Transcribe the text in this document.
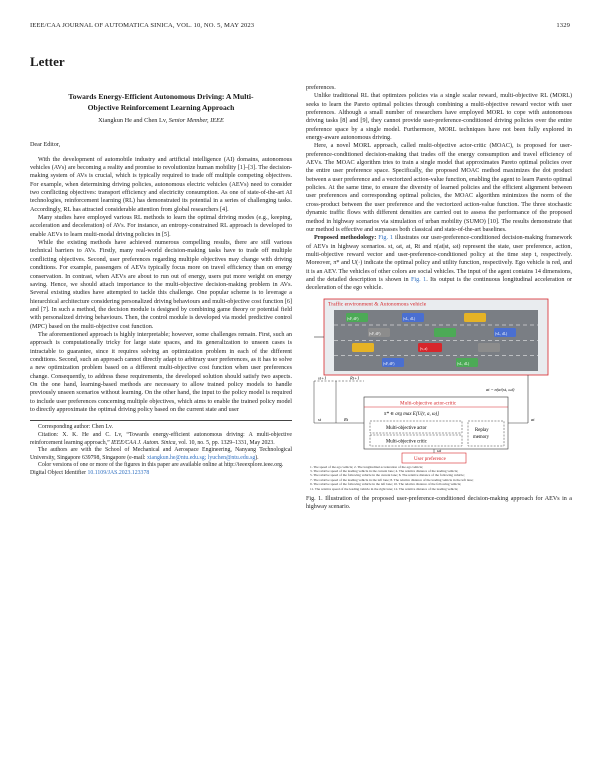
IEEE/CAA JOURNAL OF AUTOMATICA SINICA, VOL. 10, NO. 5, MAY 2023	1329
Letter
Towards Energy-Efficient Autonomous Driving: A Multi-
Objective Reinforcement Learning Approach
Xiangkun He and Chen Lv, Senior Member, IEEE
Dear Editor,

With the development of automobile industry and artificial intelligence (AI) domains, autonomous vehicles (AVs) are becoming a reality and promise to revolutionize human mobility [1]–[3]. The decision-making system of AVs is crucial, which is typically required to trade off multiple competing objectives. For example, when determining driving policies, autonomous electric vehicles (AEVs) need to consider two conflicting objectives: transport efficiency and electricity consumption. As one of state-of-the-art AI technologies, reinforcement learning (RL) has demonstrated its potential in a series of challenging tasks. Accordingly, RL has attracted considerable attention from global researchers [4].

Many studies have employed various RL methods to learn the optimal driving modes (e.g., keeping, acceleration and deceleration) of AVs. For instance, an entropy-constrained RL approach is developed to enable AEVs to learn multi-modal driving policies in [5].

While the existing methods have achieved numerous compelling results, there are still various technical barriers to AVs. Firstly, many real-world decision-making tasks have to trade off multiple conflicting objectives. Second, user preferences regarding multiple objectives may change with driving conditions. For example, passengers of AEVs typically focus more on travel efficiency than on energy conservation. In contrast, when AEVs are about to run out of energy, users put more weight on energy saving. Hence, we should attach importance to the multi-objective decision-making problem in AVs. Several existing studies have attempted to tackle this challenge. One popular scheme is to leverage a hierarchical architecture considering personalized driving behaviours and multi-objective cost function [6] and [7]. In such a method, the decision module is designed by combining game theory or potential field with personalized driving behaviours. Then, the control module is developed via model predictive control (MPC) based on the multi-objective cost function.

The aforementioned approach is highly interpretable; however, some challenges remain. First, such an approach is computationally tricky for large state spaces, and its generalization to unseen cases is intractable to guarantee, since it requires solving an optimization problem in each of the different conditions. Second, such an approach cannot directly adapt to arbitrary user preferences, as it has to solve a new optimization problem based on a different multi-objective cost function when user preferences change. Consequently, to address these requirements, the developed solution should satisfy two aspects. On the one hand, learning-based methods are necessary to allow trained policy models to handle previously unseen scenarios without learning. On the other hand, the input to the policy model is required to include user preferences concerning multiple objectives, which aims to enable the trained policy model to directly approximate the optimal driving policy based on the current state and user

Corresponding author: Chen Lv.

Citation: X. K. He and C. Lv, “Towards energy-efficient autonomous driving: A multi-objective reinforcement learning approach,” IEEE/CAA J. Autom. Sinica, vol. 10, no. 5, pp. 1329–1331, May 2023.

The authors are with the School of Mechanical and Aerospace Engineering, Nanyang Technological University, Singapore 639798, Singapore (e-mail: xiangkun.he@ntu.edu.sg; lyuchen@ntu.edu.sg).

Color versions of one or more of the figures in this paper are available online at http://ieeexplore.ieee.org.

Digital Object Identifier 10.1109/JAS.2023.123378

preferences.

Unlike traditional RL that optimizes policies via a single scalar reward, multi-objective RL (MORL) seeks to learn the Pareto optimal policies through combining a multi-objective reward vector with user preferences. Although a small number of researchers have employed MORL to cope with autonomous driving tasks [8] and [9], they cannot provide user-preference-conditioned driving policies over the entire preference space by a single model. Furthermore, MORL techniques have not been fully explored in energy-aware autonomous driving.

Here, a novel MORL approach, called multi-objective actor-critic (MOAC), is proposed for user-preference-conditioned decision-making that trades off the energy consumption and travel efficiency of AEVs. The MOAC algorithm tries to train a single model that approximates Pareto optimal policies over the entire user preference space. Specifically, the proposed MOAC method maximizes the dot product between a user preference and a vectorized action-value function, enabling the agent to learn Pareto optimal policies. At the same time, to ensure the diversity of learned policies and the efficient alignment between user preferences and corresponding optimal policies, the MOAC algorithm minimizes the norm of the cross-product between the user preference and the vectorized action-value function. The three stochastic dynamic traffic flows with different densities are carried out to assess the performance of the proposed method in highway scenarios via simulation of urban mobility (SUMO) [10]. The results demonstrate that our method is effective and surpasses both classical and state-of-the-art baselines.

Proposed methodology: Fig. 1 illustrates our user-preference-conditioned decision-making framework of AEVs in highway scenarios. st, ωt, at, Rt and π(at|st, ωt) represent the state, user preference, action, multi-objective reward vector and user-preference-conditioned policy at the time step t, respectively. Moreover, π* and U(·) indicate the optimal policy and utility function, respectively. Ego vehicle is red, and it is an AEV. The vehicles of other colors are social vehicles. The input of the agent contains 14 dimensions, and the detailed description is shown in Fig. 1. Its output is the continuous longitudinal acceleration or deceleration of the ego vehicle.

Traffic environment & Autonomous vehicle
(vL, dL)
(vF, dF)
(vL, dL)
(vF, dF)
(vL, dL)
(vF, dF)
(v, a)
st+1	Rt+1
st	Rt
at ~ π(at|st, ωt)
at
Multi-objective actor-critic
π* ∈ arg max E[U(r, a, ω)]
Multi-objective actor
Multi-objective critic
Replay
memory
User preference
ωt
1. The speed of the ego vehicle; 2. The longitudinal acceleration of the ego vehicle;
3. The relative speed of the leading vehicle in the current lane; 4. The relative distance of the leading vehicle;
5. The relative speed of the following vehicle in the current lane; 6. The relative distance of the following vehicle;
7. The relative speed of the leading vehicle in the left lane; 8. The relative distance of the leading vehicle in the left lane;
9. The relative speed of the following vehicle in the left lane; 10. The relative distance of the following vehicle;
11. The relative speed of the leading vehicle in the right lane; 12. The relative distance of the leading vehicle;
Fig. 1. Illustration of the proposed user-preference-conditioned decision-making approach for AEVs in a highway scenario.
